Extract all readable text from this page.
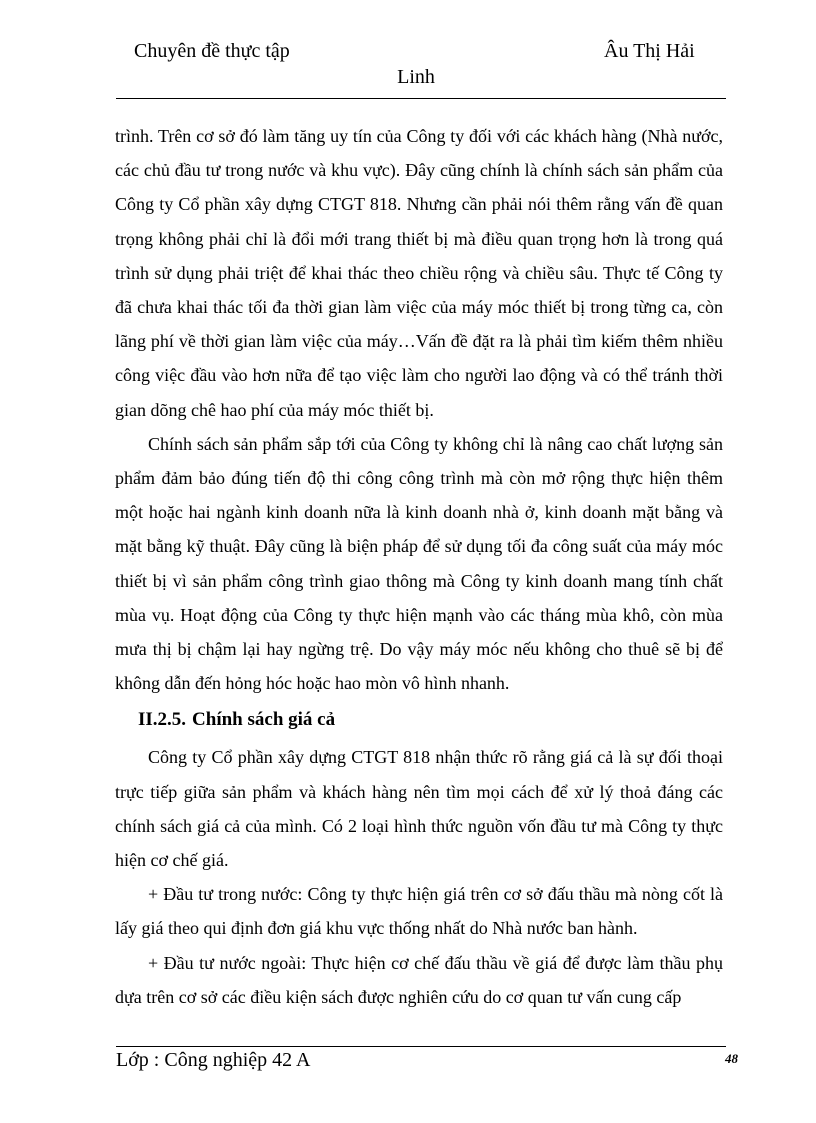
Chuyên đề thực tập	Âu Thị Hải
Linh

trình. Trên cơ sở đó làm tăng uy tín của Công ty đối với các khách hàng (Nhà nước, các chủ đầu tư trong nước và khu vực). Đây cũng chính là chính sách sản phẩm của Công ty Cổ phần xây dựng CTGT 818. Nhưng cần phải nói thêm rằng vấn đề quan trọng không phải chỉ là đổi mới trang thiết bị mà điều quan trọng hơn là trong quá trình sử dụng phải triệt để khai thác theo chiều rộng và chiều sâu. Thực tế Công ty đã chưa khai thác tối đa thời gian làm việc của máy móc thiết bị trong từng ca, còn lãng phí về thời gian làm việc của máy…Vấn đề đặt ra là phải tìm kiếm thêm nhiều công việc đầu vào hơn nữa để tạo việc làm cho người lao động và có thể tránh thời gian dõng chê hao phí của máy móc thiết bị.

Chính sách sản phẩm sắp tới của Công ty không chỉ là nâng cao chất lượng sản phẩm đảm bảo đúng tiến độ thi công công trình mà còn mở rộng thực hiện thêm một hoặc hai ngành kinh doanh nữa là kinh doanh nhà ở, kinh doanh mặt bằng và mặt bằng kỹ thuật. Đây cũng là biện pháp để sử dụng tối đa công suất của máy móc thiết bị vì sản phẩm công trình giao thông mà Công ty kinh doanh mang tính chất mùa vụ. Hoạt động của Công ty thực hiện mạnh vào các tháng mùa khô, còn mùa mưa thị bị chậm lại hay ngừng trệ. Do vậy máy móc nếu không cho thuê sẽ bị để không dẫn đến hỏng hóc hoặc hao mòn vô hình nhanh.

II.2.5. Chính sách giá cả

Công ty Cổ phần xây dựng CTGT 818 nhận thức rõ rằng giá cả là sự đối thoại trực tiếp giữa sản phẩm và khách hàng nên tìm mọi cách để xử lý thoả đáng các chính sách giá cả của mình. Có 2 loại hình thức nguồn vốn đầu tư mà Công ty thực hiện cơ chế giá.

+ Đầu tư trong nước: Công ty thực hiện giá trên cơ sở đấu thầu mà nòng cốt là lấy giá theo qui định đơn giá khu vực thống nhất do Nhà nước ban hành.

+ Đầu tư nước ngoài: Thực hiện cơ chế đấu thầu về giá để được làm thầu phụ dựa trên cơ sở các điều kiện sách được nghiên cứu do cơ quan tư vấn cung cấp

Lớp : Công nghiệp 42 A	48
